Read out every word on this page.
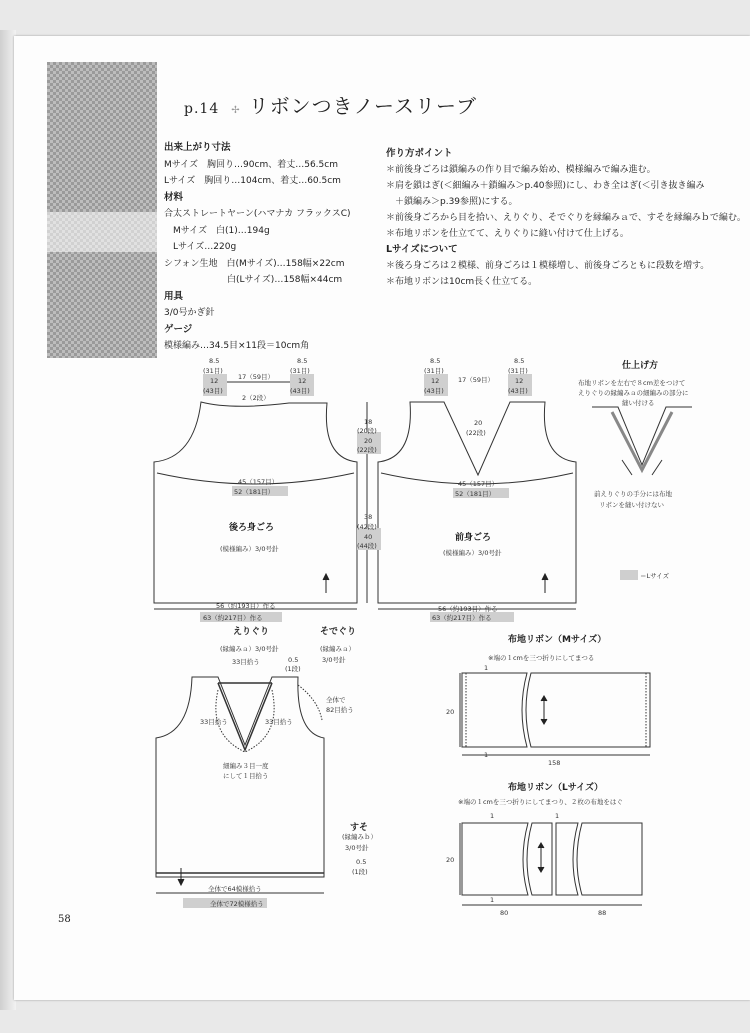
p.14 ✢ リボンつきノースリーブ
出来上がり寸法
Mサイズ　胸回り…90cm、着丈…56.5cm
Lサイズ　胸回り…104cm、着丈…60.5cm
材料
合太ストレートヤーン(ハマナカ フラックスC)
　Mサイズ　白(1)…194g
　Lサイズ…220g
シフォン生地　白(Mサイズ)…158幅×22cm
　　　　　　　白(Lサイズ)…158幅×44cm
用具
3/0号かぎ針
ゲージ
模様編み…34.5目×11段＝10cm角
作り方ポイント
＊前後身ごろは鎖編みの作り目で編み始め、模様編みで編み進む。
＊肩を鎖はぎ(＜細編み＋鎖編み＞p.40参照)にし、わき全はぎ(＜引き抜き編み
　＋鎖編み＞p.39参照)にする。
＊前後身ごろから目を拾い、えりぐり、そでぐりを縁編みａで、すそを縁編みｂで編む。
＊布地リボンを仕立てて、えりぐりに縫い付けて仕上げる。
Lサイズについて
＊後ろ身ごろは２模様、前身ごろは１模様増し、前後身ごろともに段数を増す。
＊布地リボンは10cm長く仕立てる。
8.5
(31目)
12
(43目)
17（59目）
2（2段）
8.5
(31目)
12
(43目)
45（157目）
52（181目）
後ろ身ごろ
(模様編み）3/0号針
56（約193目）作る
63（約217目）作る
18
(20段)
20
(22段)
38
(42段)
40
(44段)
8.5
(31目)
12
(43目)
17（59目）
8.5
(31目)
12
(43目)
20
(22段)
45（157目）
52（181目）
前身ごろ
(模様編み）3/0号針
56（約193目）作る
63（約217目）作る
仕上げ方
布地リボンを左右で８cm差をつけて
えりぐりの縁編みａの細編みの部分に
縫い付ける
前えりぐりの手分には布地
リボンを縫い付けない
＝Lサイズ
えりぐり
(縁編みａ）3/0号針
33目拾う	0.5
(1段)
33目拾う	33目拾う
細編み３目一度
にして１目拾う
そでぐり
(縁編みａ）
3/0号針
全体で
82目拾う
すそ
(縁編みｂ）
3/0号針
0.5
(1段)
全体で64模様拾う
全体で72模様拾う
布地リボン（Mサイズ）
※端の１cmを三つ折りにしてまつる
20
158
1
1
布地リボン（Lサイズ）
※端の１cmを三つ折りにしてまつり、２枚の布地をはぐ
20
80	88
1	1
1
58
